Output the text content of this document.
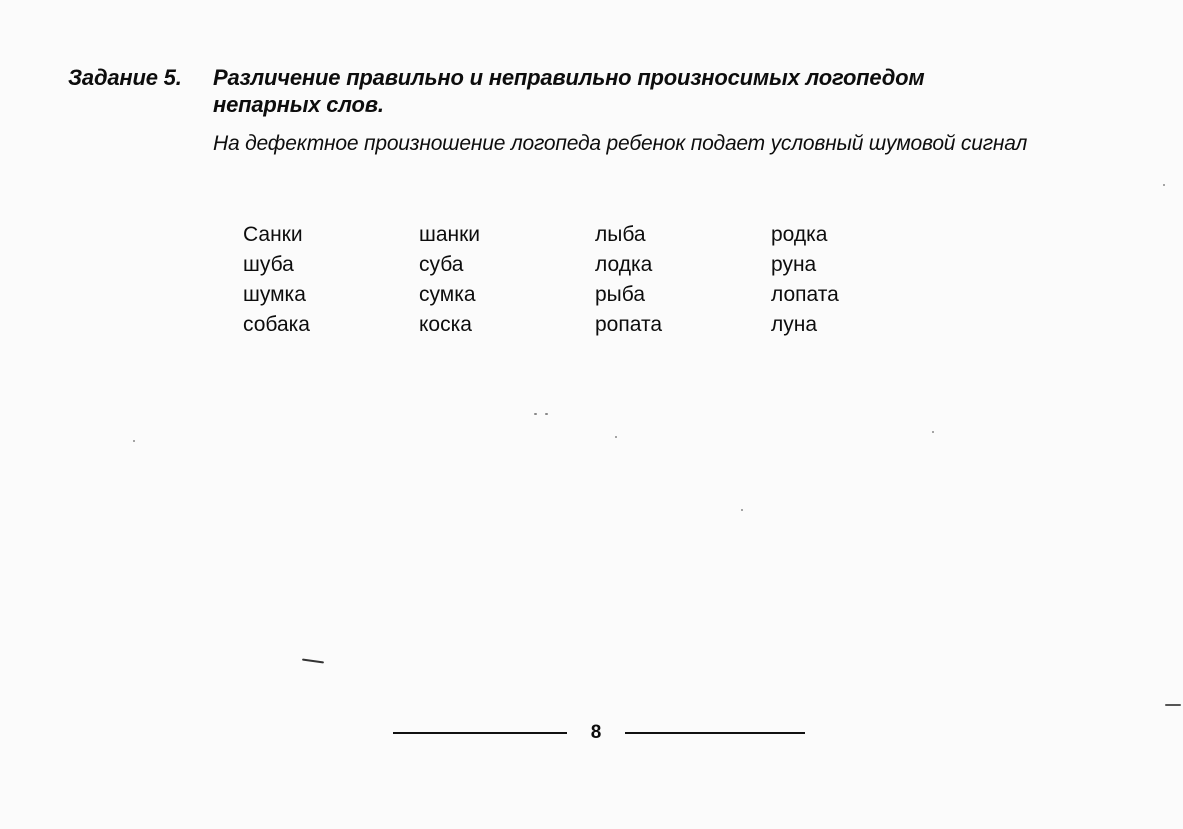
Задание 5. Различение правильно и неправильно произносимых логопедом
непарных слов.
На дефектное произношение логопеда ребенок подает условный шумовой сигнал
Санки	шанки	лыба	родка
шуба	суба	лодка	руна
шумка	сумка	рыба	лопата
собака	коска	ропата	луна
8
